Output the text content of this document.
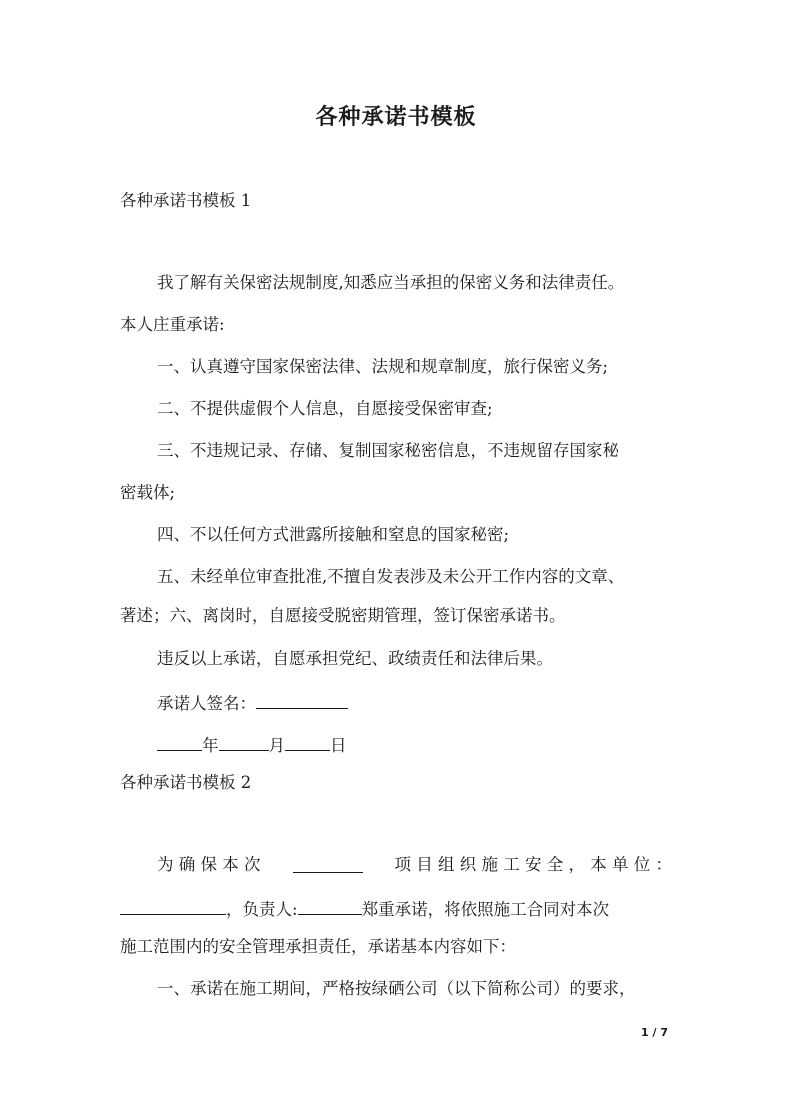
各种承诺书模板
各种承诺书模板 1
我了解有关保密法规制度,知悉应当承担的保密义务和法律责任。
本人庄重承诺:
一、认真遵守国家保密法律、法规和规章制度，旅行保密义务;
二、不提供虚假个人信息，自愿接受保密审查;
三、不违规记录、存储、复制国家秘密信息，不违规留存国家秘
密载体;
四、不以任何方式泄露所接触和窒息的国家秘密;
五、未经单位审查批准,不擅自发表涉及未公开工作内容的文章、
著述；六、离岗时，自愿接受脱密期管理，签订保密承诺书。
违反以上承诺，自愿承担党纪、政绩责任和法律后果。
承诺人签名：
年	月	日
各种承诺书模板 2
为 确 保 本 次	项 目 组 织 施 工 安 全 ， 本 单 位 ：
，负责人:	郑重承诺，将依照施工合同对本次
施工范围内的安全管理承担责任，承诺基本内容如下：
一、承诺在施工期间，严格按绿硒公司（以下简称公司）的要求，
1 / 7
